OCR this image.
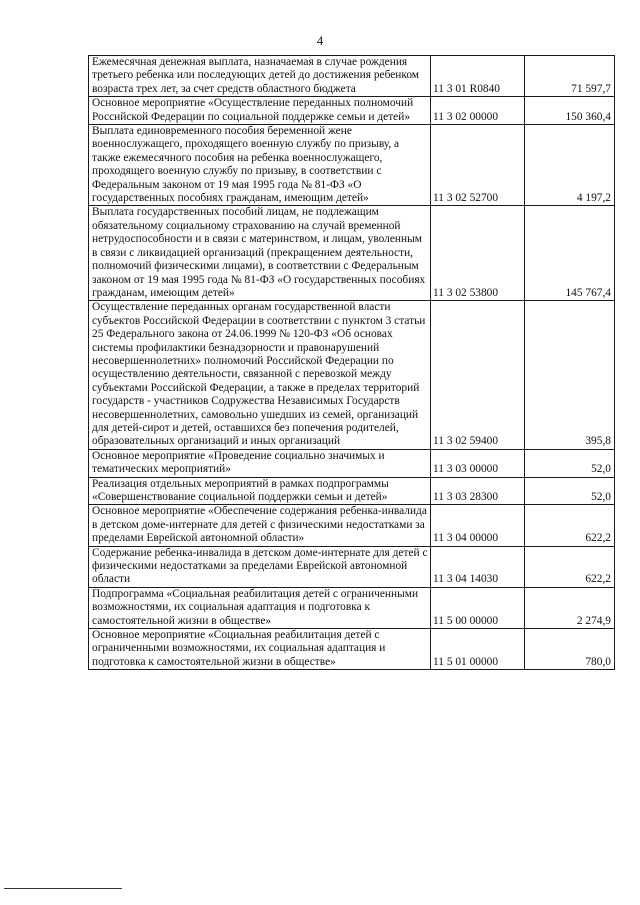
4
Ежемесячная денежная выплата, назначаемая в случае рождения третьего ребенка или последующих детей до достижения ребенком возраста трех лет, за счет средств областного бюджета	11 3 01 R0840	71 597,7
Основное мероприятие «Осуществление переданных полномочий Российской Федерации по социальной поддержке семьи и детей»	11 3 02 00000	150 360,4
Выплата единовременного пособия беременной жене военнослужащего, проходящего военную службу по призыву, а также ежемесячного пособия на ребенка военнослужащего, проходящего военную службу по призыву, в соответствии с Федеральным законом от 19 мая 1995 года № 81-ФЗ «О государственных пособиях гражданам, имеющим детей»	11 3 02 52700	4 197,2
Выплата государственных пособий лицам, не подлежащим обязательному социальному страхованию на случай временной нетрудоспособности и в связи с материнством, и лицам, уволенным в связи с ликвидацией организаций (прекращением деятельности, полномочий физическими лицами), в соответствии с Федеральным законом от 19 мая 1995 года № 81-ФЗ «О государственных пособиях гражданам, имеющим детей»	11 3 02 53800	145 767,4
Осуществление переданных органам государственной власти субъектов Российской Федерации в соответствии с пунктом 3 статьи 25 Федерального закона от 24.06.1999 № 120-ФЗ «Об основах системы профилактики безнадзорности и правонарушений несовершеннолетних» полномочий Российской Федерации по осуществлению деятельности, связанной с перевозкой между субъектами Российской Федерации, а также в пределах территорий государств - участников Содружества Независимых Государств несовершеннолетних, самовольно ушедших из семей, организаций для детей-сирот и детей, оставшихся без попечения родителей, образовательных организаций и иных организаций	11 3 02 59400	395,8
Основное мероприятие «Проведение социально значимых и тематических мероприятий»	11 3 03 00000	52,0
Реализация отдельных мероприятий в рамках подпрограммы «Совершенствование социальной поддержки семьи и детей»	11 3 03 28300	52,0
Основное мероприятие «Обеспечение содержания ребенка-инвалида в детском доме-интернате для детей с физическими недостатками за пределами Еврейской автономной области»	11 3 04 00000	622,2
Содержание ребенка-инвалида в детском доме-интернате для детей с физическими недостатками за пределами Еврейской автономной области	11 3 04 14030	622,2
Подпрограмма «Социальная реабилитация детей с ограниченными возможностями, их социальная адаптация и подготовка к самостоятельной жизни в обществе»	11 5 00 00000	2 274,9
Основное мероприятие «Социальная реабилитация детей с ограниченными возможностями, их социальная адаптация и подготовка к самостоятельной жизни в обществе»	11 5 01 00000	780,0
